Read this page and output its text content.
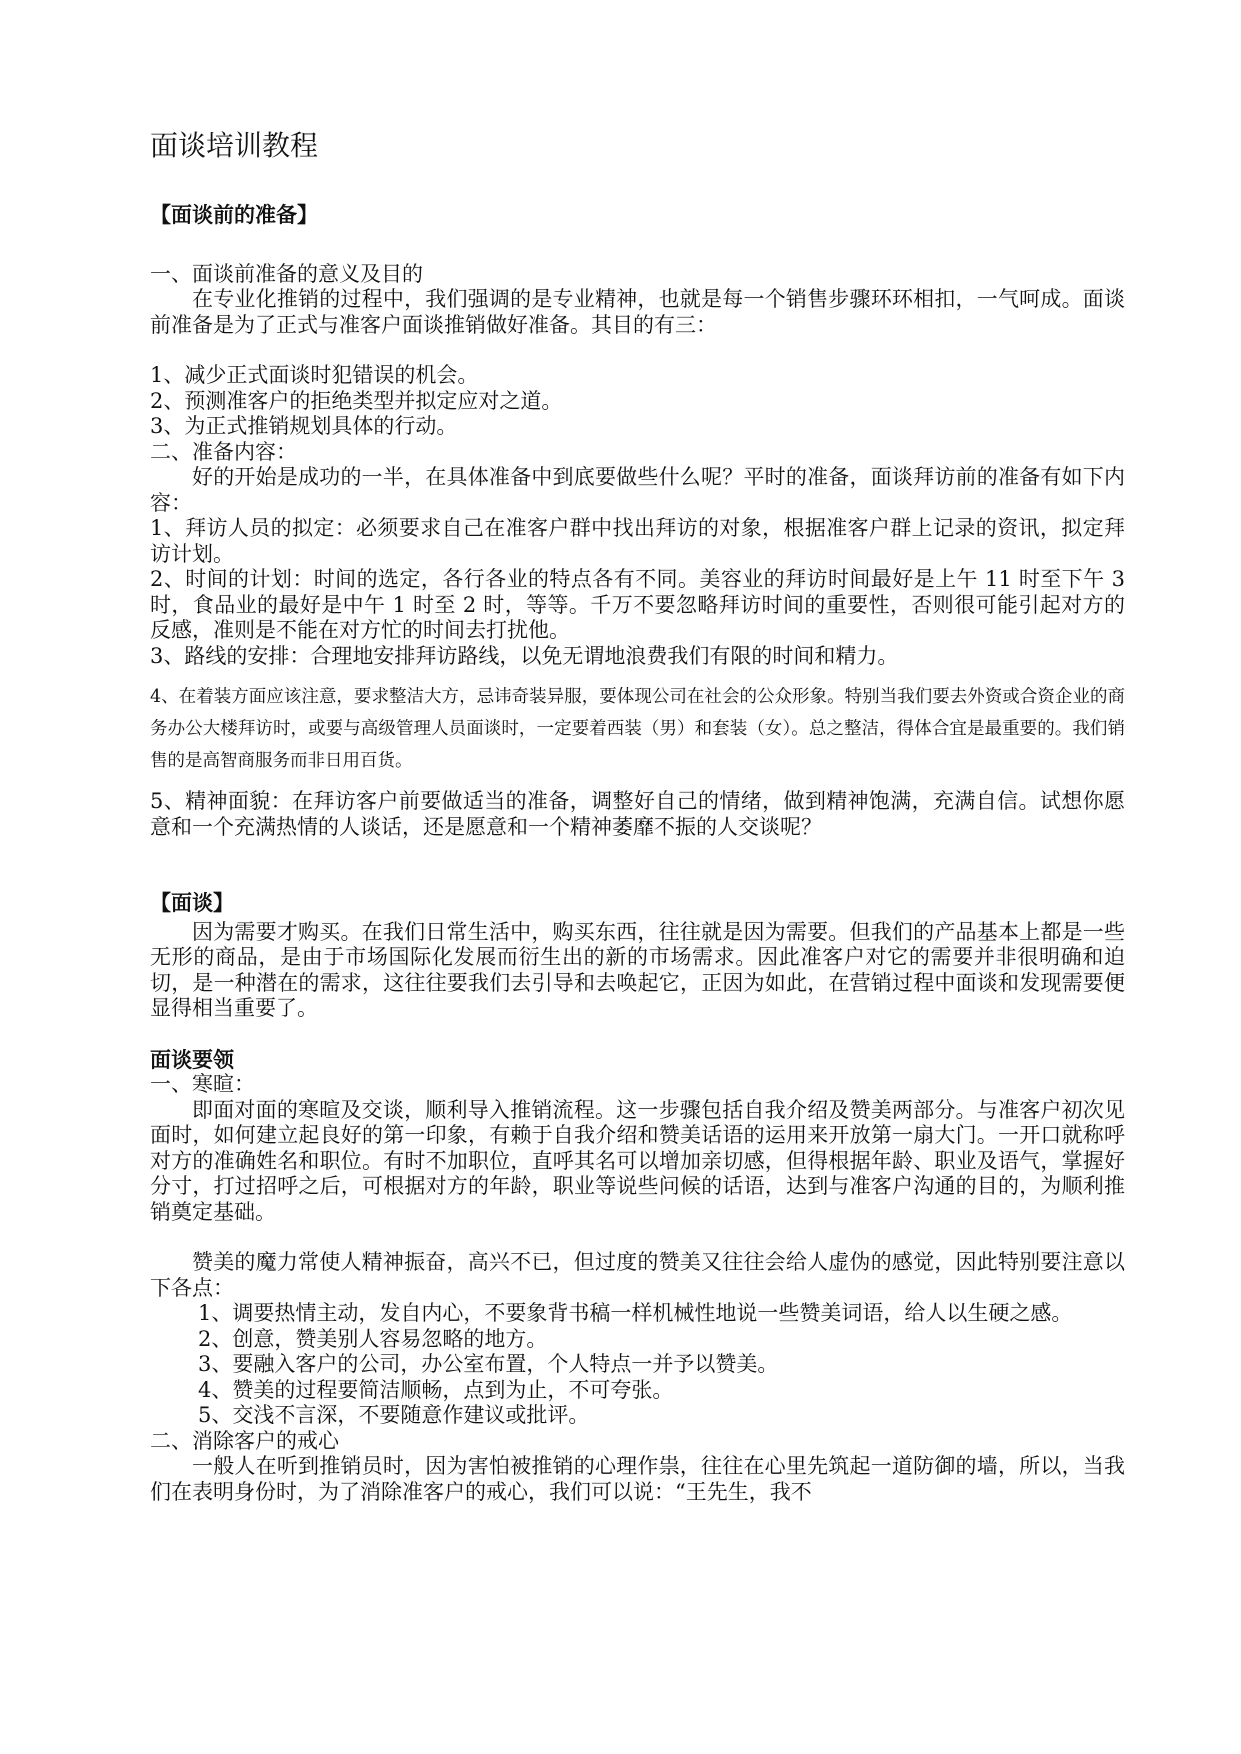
面谈培训教程
【面谈前的准备】

一、面谈前准备的意义及目的

在专业化推销的过程中，我们强调的是专业精神，也就是每一个销售步骤环环相扣，一气呵成。面谈前准备是为了正式与准客户面谈推销做好准备。其目的有三：

1、减少正式面谈时犯错误的机会。

2、预测准客户的拒绝类型并拟定应对之道。

3、为正式推销规划具体的行动。

二、准备内容：

好的开始是成功的一半，在具体准备中到底要做些什么呢？平时的准备，面谈拜访前的准备有如下内容：

1、拜访人员的拟定：必须要求自己在准客户群中找出拜访的对象，根据准客户群上记录的资讯，拟定拜访计划。

2、时间的计划：时间的选定，各行各业的特点各有不同。美容业的拜访时间最好是上午 11 时至下午 3 时，食品业的最好是中午 1 时至 2 时，等等。千万不要忽略拜访时间的重要性，否则很可能引起对方的反感，准则是不能在对方忙的时间去打扰他。

3、路线的安排：合理地安排拜访路线，以免无谓地浪费我们有限的时间和精力。

4、在着装方面应该注意，要求整洁大方，忌讳奇装异服，要体现公司在社会的公众形象。特别当我们要去外资或合资企业的商务办公大楼拜访时，或要与高级管理人员面谈时，一定要着西装（男）和套装（女）。总之整洁，得体合宜是最重要的。我们销售的是高智商服务而非日用百货。

5、精神面貌：在拜访客户前要做适当的准备，调整好自己的情绪，做到精神饱满，充满自信。试想你愿意和一个充满热情的人谈话，还是愿意和一个精神萎靡不振的人交谈呢？

【面谈】

因为需要才购买。在我们日常生活中，购买东西，往往就是因为需要。但我们的产品基本上都是一些无形的商品，是由于市场国际化发展而衍生出的新的市场需求。因此准客户对它的需要并非很明确和迫切，是一种潜在的需求，这往往要我们去引导和去唤起它，正因为如此，在营销过程中面谈和发现需要便显得相当重要了。

面谈要领

一、寒暄：

即面对面的寒暄及交谈，顺利导入推销流程。这一步骤包括自我介绍及赞美两部分。与准客户初次见面时，如何建立起良好的第一印象，有赖于自我介绍和赞美话语的运用来开放第一扇大门。一开口就称呼对方的准确姓名和职位。有时不加职位，直呼其名可以增加亲切感，但得根据年龄、职业及语气，掌握好分寸，打过招呼之后，可根据对方的年龄，职业等说些问候的话语，达到与准客户沟通的目的，为顺利推销奠定基础。

赞美的魔力常使人精神振奋，高兴不已，但过度的赞美又往往会给人虚伪的感觉，因此特别要注意以下各点：

1、调要热情主动，发自内心，不要象背书稿一样机械性地说一些赞美词语，给人以生硬之感。

2、创意，赞美别人容易忽略的地方。

3、要融入客户的公司，办公室布置，个人特点一并予以赞美。

4、赞美的过程要简洁顺畅，点到为止，不可夸张。

5、交浅不言深，不要随意作建议或批评。

二、消除客户的戒心

一般人在听到推销员时，因为害怕被推销的心理作祟，往往在心里先筑起一道防御的墙，所以，当我们在表明身份时，为了消除准客户的戒心，我们可以说：“王先生，我不
